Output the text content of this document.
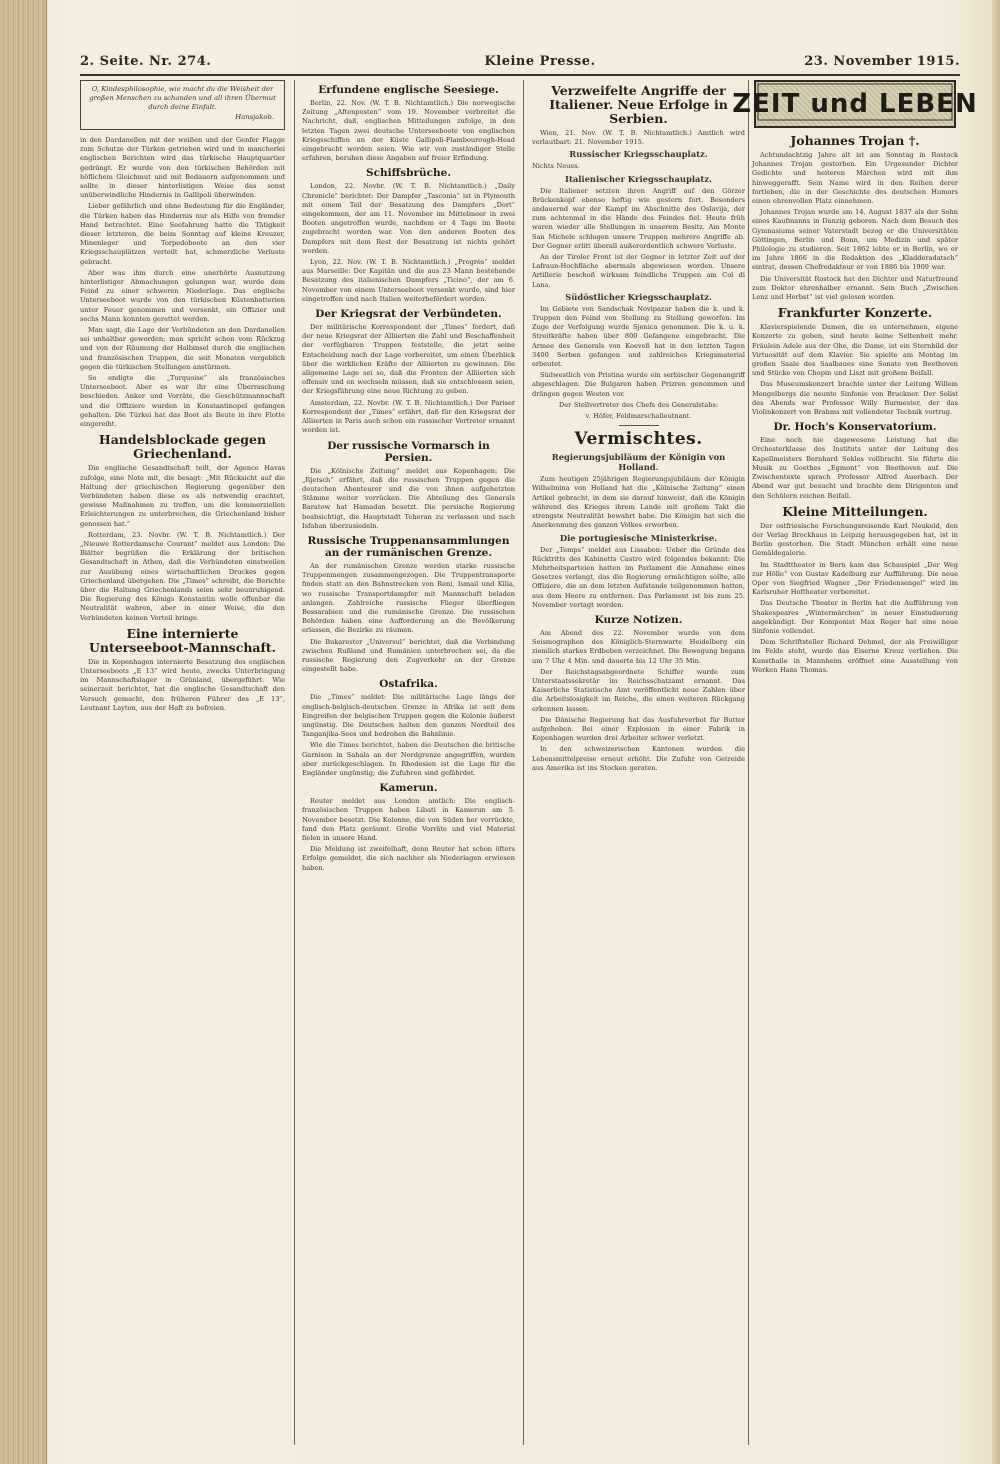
2. Seite. Nr. 274.	Kleine Presse.	23. November 1915.
O, Kindesphilosophie, wie macht du die Weisheit der großen Menschen zu schanden und all ihren Übermut durch deine Einfalt.
Hansjakob.

in den Dardanellen mit der weißen und der Genfer Flagge zum Schutze der Türken getrieben wird und in mancherlei englischen Berichten wird das türkische Hauptquartier gedrängt. Er wurde von den türkischen Behörden mit höflichem Gleichmut und mit Bedauern aufgenommen und sollte in dieser hinterlistigen Weise das sonst unüberwindliche Hindernis in Gallipoli überwinden.

Lieber gefährlich und ohne Bedeutung für die Engländer, die Türken haben das Hindernis nur als Hilfe von fremder Hand betrachtet. Eine Seefahrung hatte die Tätigkeit dieser letzteren, die beim Sonntag auf kleine Kreuzer, Minenleger und Torpedoboote an den vier Kriegsschauplätzen verteilt hat, schmerzliche Verluste gebracht.

Aber was ihm durch eine unerhörte Ausnutzung hinterlistiger Abmachungen gelungen war, wurde dem Feind zu einer schweren Niederlage. Das englische Unterseeboot wurde von den türkischen Küstenbatterien unter Feuer genommen und versenkt, ein Offizier und sechs Mann konnten gerettet werden.

Man sagt, die Lage der Verbündeten an den Dardanellen sei unhaltbar geworden; man spricht schon vom Rückzug und von der Räumung der Halbinsel durch die englischen und französischen Truppen, die seit Monaten vergeblich gegen die türkischen Stellungen anstürmen.

So endigte die „Turquoise“ als französisches Unterseeboot. Aber es war ihr eine Überraschung beschieden. Anker und Vorräte, die Geschützmannschaft und die Offiziere wurden in Konstantinopel gefangen gehalten. Die Türkei hat das Boot als Beute in ihre Flotte eingereiht.

Handelsblockade gegen Griechenland.

Die englische Gesandtschaft teilt, der Agence Havas zufolge, eine Note mit, die besagt: „Mit Rücksicht auf die Haltung der griechischen Regierung gegenüber den Verbündeten haben diese es als notwendig erachtet, gewisse Maßnahmen zu treffen, um die kommerziellen Erleichterungen zu unterbrechen, die Griechenland bisher genossen hat.“

Rotterdam, 23. Novbr. (W. T. B. Nichtamtlich.) Der „Nieuwe Rotterdamsche Courant“ meldet aus London: Die Blätter begrüßen die Erklärung der britischen Gesandtschaft in Athen, daß die Verbündeten einstweilen zur Ausübung eines wirtschaftlichen Druckes gegen Griechenland übergehen. Die „Times“ schreibt, die Berichte über die Haltung Griechenlands seien sehr beunruhigend. Die Regierung des Königs Konstantin wolle offenbar die Neutralität wahren, aber in einer Weise, die den Verbündeten keinen Vorteil bringe.

Eine internierte Unterseeboot-Mannschaft.

Die in Kopenhagen internierte Besatzung des englischen Unterseeboots „E 13“ wird heute, zwecks Unterbringung im Mannschaftslager in Grünland, übergeführt. Wie seinerzeit berichtet, hat die englische Gesandtschaft den Versuch gemacht, den früheren Führer des „E 13“, Leutnant Layton, aus der Haft zu befreien.

Erfundene englische Seesiege.

Berlin, 22. Nov. (W. T. B. Nichtamtlich.) Die norwegische Zeitung „Aftenposten“ vom 19. November verbreitet die Nachricht, daß, englischen Mitteilungen zufolge, in den letzten Tagen zwei deutsche Unterseeboote von englischen Kriegsschiffen an der Küste Gallipoli-Flambourough-Head eingebracht worden seien. Wie wir von zuständiger Stelle erfahren, beruhen diese Angaben auf freier Erfindung.

Schiffsbrüche.

London, 22. Novbr. (W. T. B. Nichtamtlich.) „Daily Chronicle“ berichtet: Der Dampfer „Tasconia“ ist in Plymouth mit einem Teil der Besatzung des Dampfers „Dort“ eingekommen, der am 11. November im Mittelmeer in zwei Booten angetroffen wurde, nachdem er 4 Tage im Boote zugebracht worden war. Von den anderen Booten des Dampfers mit dem Rest der Besatzung ist nichts gehört worden.

Lyon, 22. Nov. (W. T. B. Nichtamtlich.) „Progrès“ meldet aus Marseille: Der Kapitän und die aus 23 Mann bestehende Besatzung des italienischen Dampfers „Ticino“, der am 6. November von einem Unterseeboot versenkt wurde, sind hier eingetroffen und nach Italien weiterbefördert worden.

Der Kriegsrat der Verbündeten.

Der militärische Korrespondent der „Times“ fordert, daß der neue Kriegsrat der Alliierten die Zahl und Beschaffenheit der verfügbaren Truppen feststelle, die jetzt seine Entscheidung nach der Lage vorbereitet, um einen Überblick über die wirklichen Kräfte der Alliierten zu gewinnen. Die allgemeine Lage sei so, daß die Fronten der Alliierten sich offensiv und en wechseln müssen, daß sie entschlossen seien, der Kriegsführung eine neue Richtung zu geben.

Amsterdam, 22. Novbr. (W. T. B. Nichtamtlich.) Der Pariser Korrespondent der „Times“ erfährt, daß für den Kriegsrat der Alliierten in Paris auch schon ein russischer Vertreter ernannt worden ist.

Der russische Vormarsch in Persien.

Die „Kölnische Zeitung“ meldet aus Kopenhagen: Die „Rjetsch“ erfährt, daß die russischen Truppen gegen die deutschen Abenteurer und die von ihnen aufgehetzten Stämme weiter vorrücken. Die Abteilung des Generals Baratow hat Hamadan besetzt. Die persische Regierung beabsichtigt, die Hauptstadt Teheran zu verlassen und nach Isfahan überzusiedeln.

Russische Truppenansammlungen an der rumänischen Grenze.

An der rumänischen Grenze werden starke russische Truppenmengen zusammengezogen. Die Truppentransporte finden statt an den Bahnstrecken von Reni, Ismail und Kilia, wo russische Transportdampfer mit Mannschaft beladen anlangen. Zahlreiche russische Flieger überfliegen Bessarabien und die rumänische Grenze. Die russischen Behörden haben eine Aufforderung an die Bevölkerung erlassen, die Bezirke zu räumen.

Die Bukarester „Universul“ berichtet, daß die Verbindung zwischen Rußland und Rumänien unterbrochen sei, da die russische Regierung den Zugverkehr an der Grenze eingestellt habe.

Ostafrika.

Die „Times“ meldet: Die militärische Lage längs der englisch-belgisch-deutschen Grenze in Afrika ist seit dem Eingreifen der belgischen Truppen gegen die Kolonie äußerst ungünstig. Die Deutschen halten den ganzen Nordteil des Tanganjika-Sees und bedrohen die Bahnlinie.

Wie die Times berichtet, haben die Deutschen die britische Garnison in Sahala an der Nordgrenze angegriffen, wurden aber zurückgeschlagen. In Rhodesien ist die Lage für die Engländer ungünstig; die Zufuhren sind gefährdet.

Kamerun.

Reuter meldet aus London amtlich: Die englisch-französischen Truppen haben Libati in Kamerun am 5. November besetzt. Die Kolonne, die von Süden her vorrückte, fand den Platz geräumt. Große Vorräte und viel Material fielen in unsere Hand.

Die Meldung ist zweifelhaft, denn Reuter hat schon öfters Erfolge gemeldet, die sich nachher als Niederlagen erwiesen haben.

Verzweifelte Angriffe der Italiener. Neue Erfolge in Serbien.

Wien, 21. Nov. (W. T. B. Nichtamtlich.) Amtlich wird verlautbart: 21. November 1915.

Russischer Kriegsschauplatz.

Nichts Neues.

Italienischer Kriegsschauplatz.

Die Italiener setzten ihren Angriff auf den Görzer Brückenkopf ebenso heftig wie gestern fort. Besonders andauernd war der Kampf im Abschnitte des Oslavija, der zum achtenmal in die Hände des Feindes fiel. Heute früh waren wieder alle Stellungen in unserem Besitz. Am Monte San Michele schlugen unsere Truppen mehrere Angriffe ab. Der Gegner erlitt überall außerordentlich schwere Verluste.

An der Tiroler Front ist der Gegner in letzter Zeit auf der Lafraun-Hochfläche abermals abgewiesen worden. Unsere Artillerie beschoß wirksam feindliche Truppen am Col di Lana.

Südöstlicher Kriegsschauplatz.

Im Gebiete von Sandschak Novipazar haben die k. und k. Truppen den Feind von Stellung zu Stellung geworfen. Im Zuge der Verfolgung wurde Sjenica genommen. Die k. u. k. Streitkräfte haben über 800 Gefangene eingebracht. Die Armee des Generals von Koeveß hat in den letzten Tagen 3400 Serben gefangen und zahlreiches Kriegsmaterial erbeutet.

Südwestlich von Pristina wurde ein serbischer Gegenangriff abgeschlagen. Die Bulgaren haben Prizren genommen und drängen gegen Westen vor.

Der Stellvertreter des Chefs des Generalstabs:

v. Höfer, Feldmarschalleutnant.

Vermischtes.
Regierungsjubiläum der Königin von Holland.

Zum heutigen 25jährigen Regierungsjubiläum der Königin Wilhelmina von Holland hat die „Kölnische Zeitung“ einen Artikel gebracht, in dem sie darauf hinweist, daß die Königin während des Krieges ihrem Lande mit großem Takt die strengste Neutralität bewahrt habe. Die Königin hat sich die Anerkennung des ganzen Volkes erworben.

Die portugiesische Ministerkrise.

Der „Temps“ meldet aus Lissabon: Ueber die Gründe des Rücktritts des Kabinetts Castro wird folgendes bekannt: Die Mehrheitsparteien hatten im Parlament die Annahme eines Gesetzes verlangt, das die Regierung ermächtigen sollte, alle Offiziere, die an dem letzten Aufstande teilgenommen hatten, aus dem Heere zu entfernen. Das Parlament ist bis zum 25. November vertagt worden.

Kurze Notizen.

Am Abend des 22. November wurde von dem Seismographen des Königlich-Sternwarte Heidelberg ein ziemlich starkes Erdbeben verzeichnet. Die Bewegung begann um 7 Uhr 4 Min. und dauerte bis 12 Uhr 35 Min.

Der Reichstagsabgeordnete Schiffer wurde zum Unterstaatssekretär im Reichsschatzamt ernannt. Das Kaiserliche Statistische Amt veröffentlicht neue Zahlen über die Arbeitslosigkeit im Reiche, die einen weiteren Rückgang erkennen lassen.

Die Dänische Regierung hat das Ausfuhrverbot für Butter aufgehoben. Bei einer Explosion in einer Fabrik in Kopenhagen wurden drei Arbeiter schwer verletzt.

In den schweizerischen Kantonen wurden die Lebensmittelpreise erneut erhöht. Die Zufuhr von Getreide aus Amerika ist ins Stocken geraten.

ZEIT und LEBEN
Johannes Trojan †.

Achtundachtzig Jahre alt ist am Sonntag in Rostock Johannes Trojan gestorben. Ein Urgesunder Dichter Gedichte und heiteren Märchen wird mit ihm hinweggerafft. Sein Name wird in den Reihen derer fortleben, die in der Geschichte des deutschen Humors einen ehrenvollen Platz einnehmen.

Johannes Trojan wurde am 14. August 1837 als der Sohn eines Kaufmanns in Danzig geboren. Nach dem Besuch des Gymnasiums seiner Vaterstadt bezog er die Universitäten Göttingen, Berlin und Bonn, um Medizin und später Philologie zu studieren. Seit 1862 lebte er in Berlin, wo er im Jahre 1866 in die Redaktion des „Kladderadatsch“ eintrat, dessen Chefredakteur er von 1886 bis 1909 war.

Die Universität Rostock hat den Dichter und Naturfreund zum Doktor ehrenhalber ernannt. Sein Buch „Zwischen Lenz und Herbst“ ist viel gelesen worden.

Frankfurter Konzerte.

Klavierspielende Damen, die es unternehmen, eigene Konzerte zu geben, sind heute keine Seltenheit mehr. Fräulein Adele aus der Ohe, die Dame, ist ein Sternbild der Virtuosität auf dem Klavier. Sie spielte am Montag im großen Saale des Saalbaues eine Sonate von Beethoven und Stücke von Chopin und Liszt mit großem Beifall.

Das Museumskonzert brachte unter der Leitung Willem Mengelbergs die neunte Sinfonie von Bruckner. Der Solist des Abends war Professor Willy Burmester, der das Violinkonzert von Brahms mit vollendeter Technik vortrug.

Dr. Hoch's Konservatorium.

Eine noch nie dagewesene Leistung hat die Orchesterklasse des Instituts unter der Leitung des Kapellmeisters Bernhard Sekles vollbracht. Sie führte die Musik zu Goethes „Egmont“ von Beethoven auf. Die Zwischentexte sprach Professor Alfred Auerbach. Der Abend war gut besucht und brachte dem Dirigenten und den Schülern reichen Beifall.

Kleine Mitteilungen.

Der ostfriesische Forschungsreisende Karl Neukeld, den der Verlag Brockhaus in Leipzig herausgegeben hat, ist in Berlin gestorben. Die Stadt München erhält eine neue Gemäldegalerie.

Im Stadttheater in Bern kam das Schauspiel „Der Weg zur Hölle“ von Gustav Kadelburg zur Aufführung. Die neue Oper von Siegfried Wagner „Der Friedensengel“ wird im Karlsruher Hoftheater vorbereitet.

Das Deutsche Theater in Berlin hat die Aufführung von Shakespeares „Wintermärchen“ in neuer Einstudierung angekündigt. Der Komponist Max Reger hat eine neue Sinfonie vollendet.

Dem Schriftsteller Richard Dehmel, der als Freiwilliger im Felde steht, wurde das Eiserne Kreuz verliehen. Die Kunsthalle in Mannheim eröffnet eine Ausstellung von Werken Hans Thomas.
